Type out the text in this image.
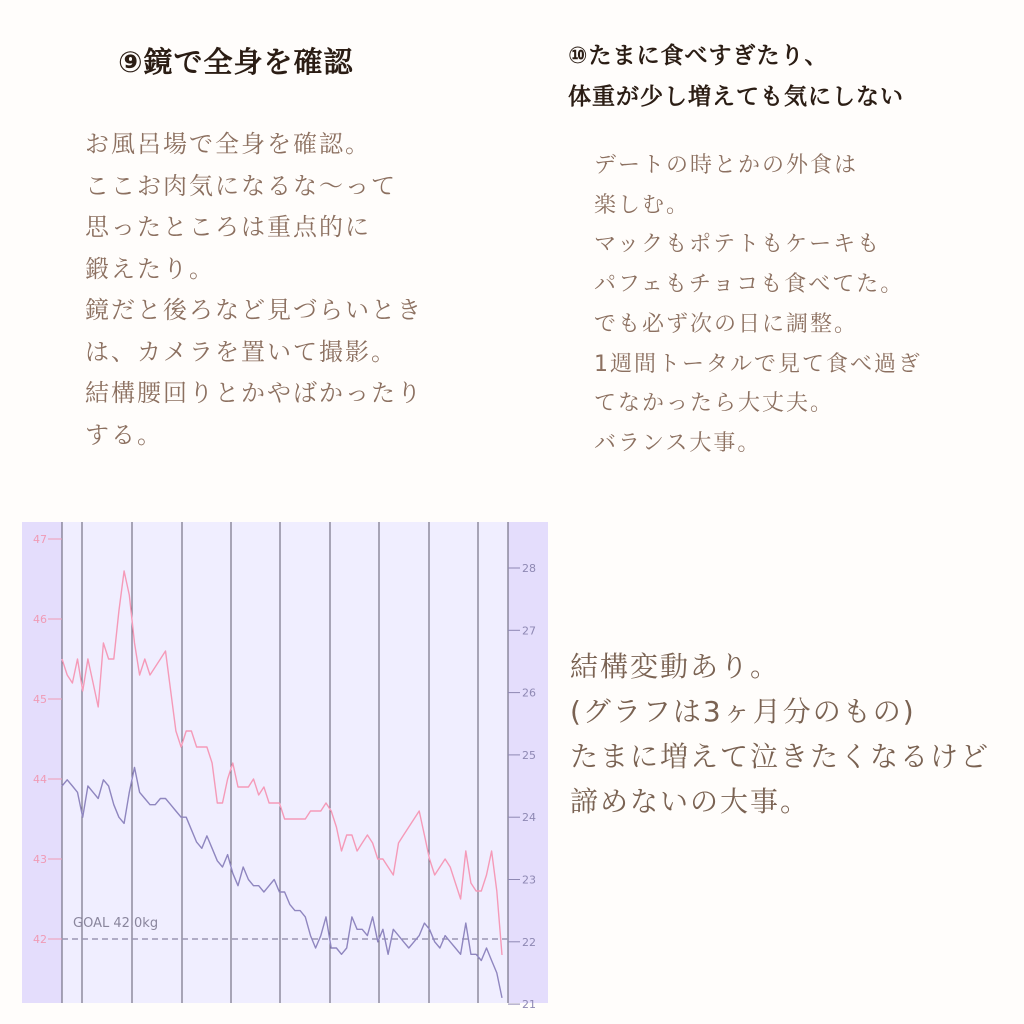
⑨鏡で全身を確認	⑩たまに食べすぎたり、
体重が少し増えても気にしない
お風呂場で全身を確認。
ここお肉気になるな〜って
思ったところは重点的に
鍛えたり。
鏡だと後ろなど見づらいとき
は、カメラを置いて撮影。
結構腰回りとかやばかったり
する。
デートの時とかの外食は
楽しむ。
マックもポテトもケーキも
パフェもチョコも食べてた。
でも必ず次の日に調整。
1週間トータルで見て食べ過ぎ
てなかったら大丈夫。
バランス大事。
結構変動あり。
(グラフは3ヶ月分のもの)
たまに増えて泣きたくなるけど
諦めないの大事。
47
46
45
44
43
42
28
27
26
25
24
23
22
21
GOAL 42.0kg
